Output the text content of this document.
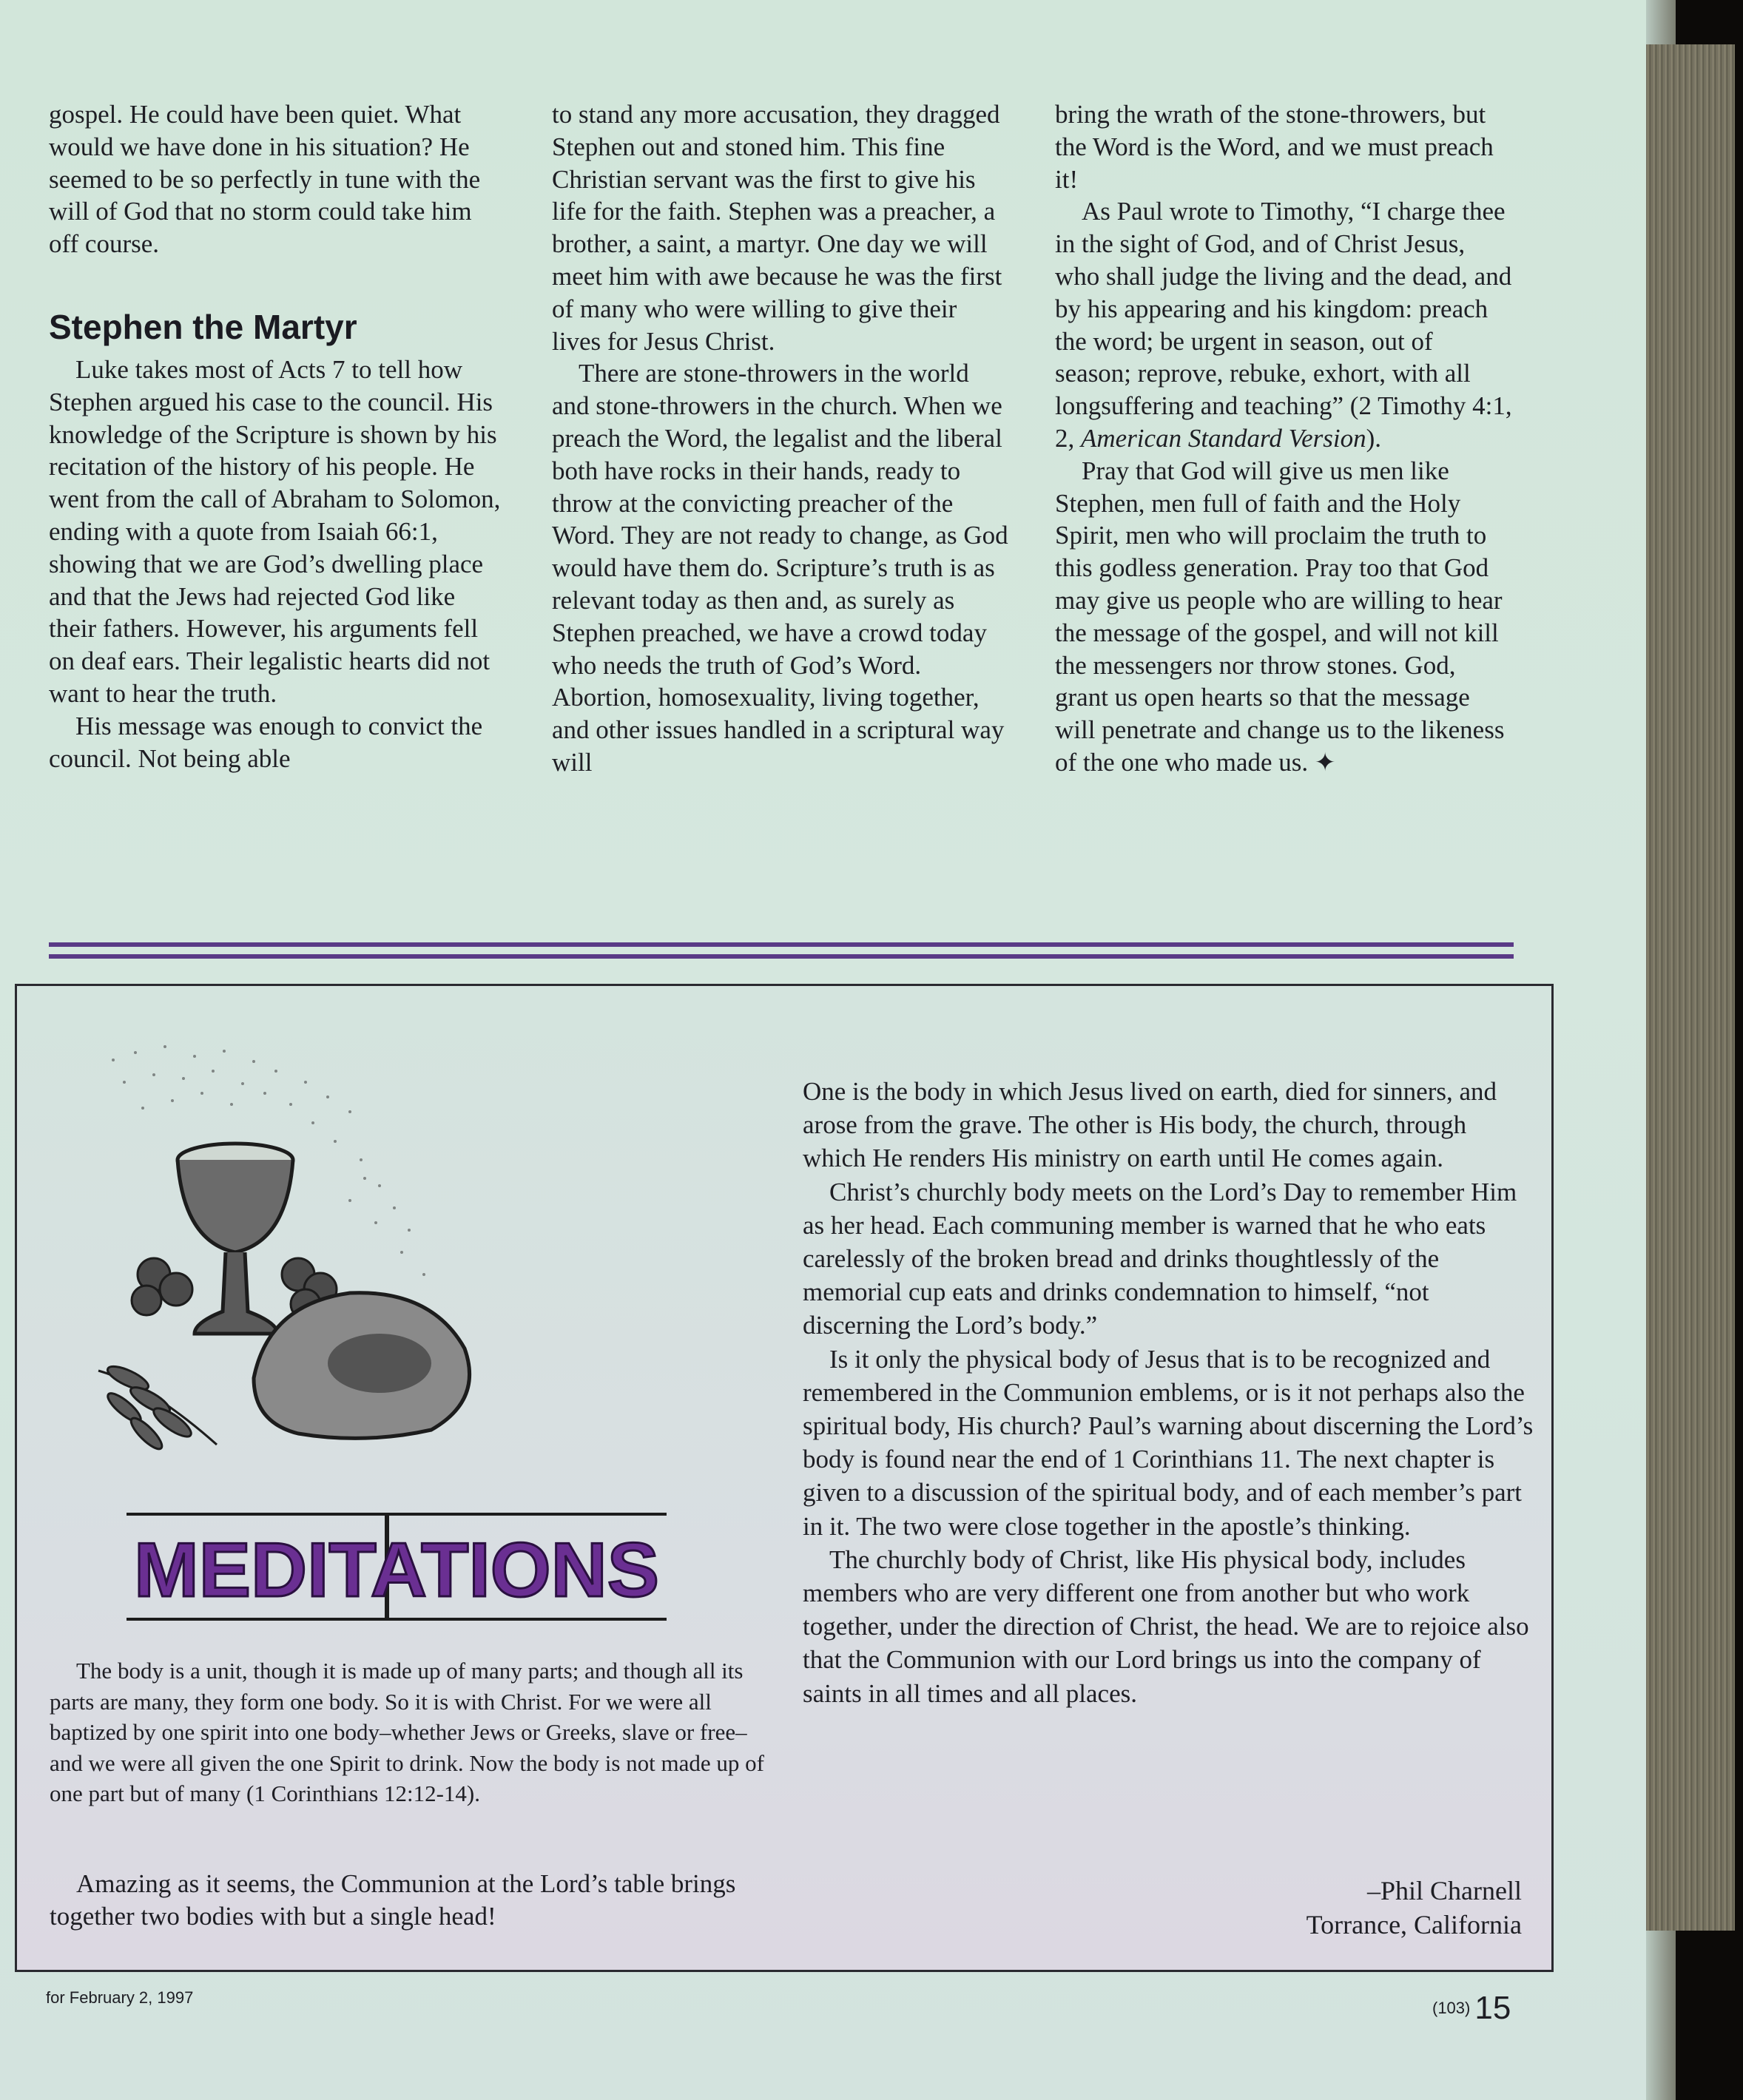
gospel. He could have been quiet. What would we have done in his situation? He seemed to be so perfectly in tune with the will of God that no storm could take him off course.

Stephen the Martyr

Luke takes most of Acts 7 to tell how Stephen argued his case to the council. His knowledge of the Scripture is shown by his recitation of the history of his people. He went from the call of Abraham to Solomon, ending with a quote from Isaiah 66:1, showing that we are God’s dwelling place and that the Jews had rejected God like their fathers. However, his arguments fell on deaf ears. Their legalistic hearts did not want to hear the truth.

His message was enough to convict the council. Not being able

to stand any more accusation, they dragged Stephen out and stoned him. This fine Christian servant was the first to give his life for the faith. Stephen was a preacher, a brother, a saint, a martyr. One day we will meet him with awe because he was the first of many who were willing to give their lives for Jesus Christ.

There are stone-throwers in the world and stone-throwers in the church. When we preach the Word, the legalist and the liberal both have rocks in their hands, ready to throw at the convicting preacher of the Word. They are not ready to change, as God would have them do. Scripture’s truth is as relevant today as then and, as surely as Stephen preached, we have a crowd today who needs the truth of God’s Word. Abortion, homosexuality, living together, and other issues handled in a scriptural way will

bring the wrath of the stone-throwers, but the Word is the Word, and we must preach it!

As Paul wrote to Timothy, “I charge thee in the sight of God, and of Christ Jesus, who shall judge the living and the dead, and by his appearing and his kingdom: preach the word; be urgent in season, out of season; reprove, rebuke, exhort, with all longsuffering and teaching” (2 Timothy 4:1, 2, American Standard Version).

Pray that God will give us men like Stephen, men full of faith and the Holy Spirit, men who will proclaim the truth to this godless generation. Pray too that God may give us people who are willing to hear the message of the gospel, and will not kill the messengers nor throw stones. God, grant us open hearts so that the message will penetrate and change us to the likeness of the one who made us. ✦

MEDITATIONS

The body is a unit, though it is made up of many parts; and though all its parts are many, they form one body. So it is with Christ. For we were all baptized by one spirit into one body–whether Jews or Greeks, slave or free–and we were all given the one Spirit to drink. Now the body is not made up of one part but of many (1 Corinthians 12:12-14).

Amazing as it seems, the Communion at the Lord’s table brings together two bodies with but a single head!

One is the body in which Jesus lived on earth, died for sinners, and arose from the grave. The other is His body, the church, through which He renders His ministry on earth until He comes again.

Christ’s churchly body meets on the Lord’s Day to remember Him as her head. Each communing member is warned that he who eats carelessly of the broken bread and drinks thoughtlessly of the memorial cup eats and drinks condemnation to himself, “not discerning the Lord’s body.”

Is it only the physical body of Jesus that is to be recognized and remembered in the Communion emblems, or is it not perhaps also the spiritual body, His church? Paul’s warning about discerning the Lord’s body is found near the end of 1 Corinthians 11. The next chapter is given to a discussion of the spiritual body, and of each member’s part in it. The two were close together in the apostle’s thinking.

The churchly body of Christ, like His physical body, includes members who are very different one from another but who work together, under the direction of Christ, the head. We are to rejoice also that the Communion with our Lord brings us into the company of saints in all times and all places.

–Phil Charnell
Torrance, California
for February 2, 1997
(103) 15
